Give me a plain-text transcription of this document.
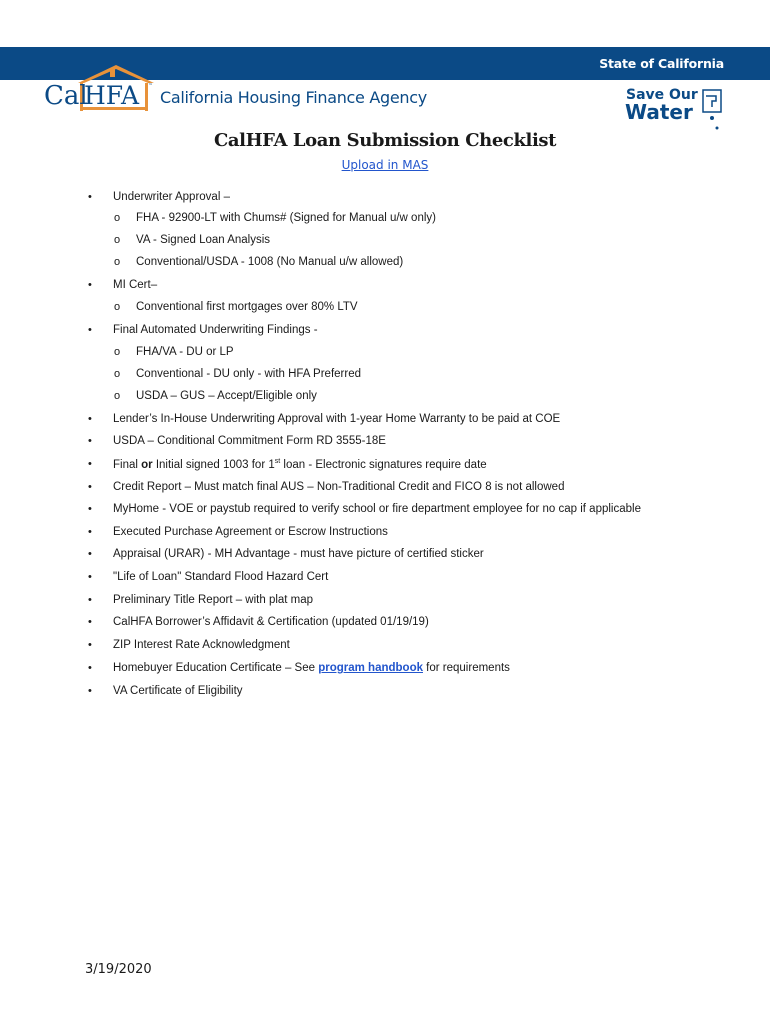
State of California
Cal
HFA ™
California Housing Finance Agency	Save Our
Water
CalHFA Loan Submission Checklist
Upload in MAS
• Underwriter Approval –
o FHA - 92900-LT with Chums# (Signed for Manual u/w only)
o VA - Signed Loan Analysis
o Conventional/USDA - 1008 (No Manual u/w allowed)
• MI Cert–
o Conventional first mortgages over 80% LTV
• Final Automated Underwriting Findings -
o FHA/VA - DU or LP
o Conventional - DU only - with HFA Preferred
o USDA – GUS – Accept/Eligible only
• Lender’s In-House Underwriting Approval with 1-year Home Warranty to be paid at COE
• USDA – Conditional Commitment Form RD 3555-18E
• Final or Initial signed 1003 for 1st loan - Electronic signatures require date
• Credit Report – Must match final AUS – Non-Traditional Credit and FICO 8 is not allowed
• MyHome - VOE or paystub required to verify school or fire department employee for no cap if applicable
• Executed Purchase Agreement or Escrow Instructions
• Appraisal (URAR) - MH Advantage - must have picture of certified sticker
• "Life of Loan" Standard Flood Hazard Cert
• Preliminary Title Report – with plat map
• CalHFA Borrower’s Affidavit & Certification (updated 01/19/19)
• ZIP Interest Rate Acknowledgment
• Homebuyer Education Certificate – See program handbook for requirements
• VA Certificate of Eligibility
3/19/2020
